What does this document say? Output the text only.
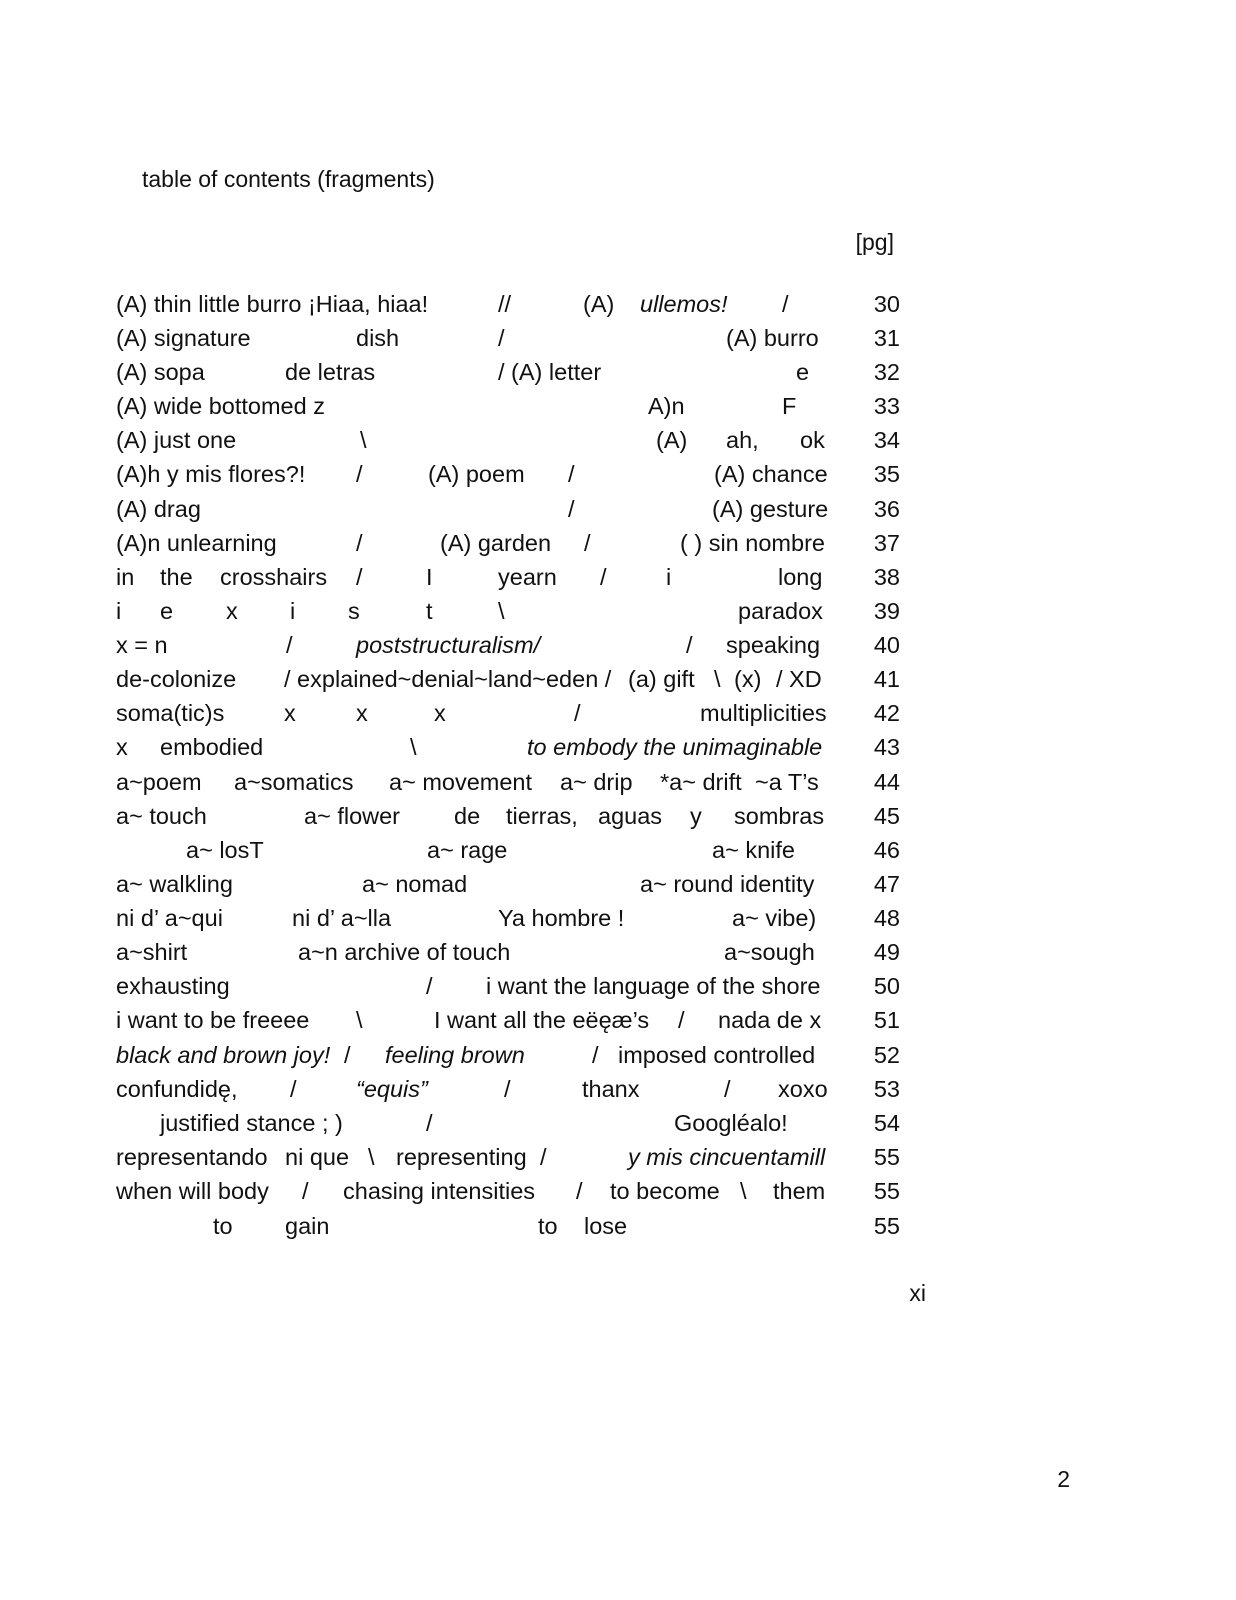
table of contents (fragments)
[pg]
(A) thin little burro ¡Hiaa, hiaa!	//	(A) ullemos! /	30
(A) signature	dish	/	(A) burro 31
(A) sopa	de letras	/ (A) letter	e	32
(A) wide bottomed z	A)n	F	33
(A) just one	\	(A) ah, ok 34
(A)h y mis flores?! /	(A) poem /	(A) chance 35
(A) drag	/	(A) gesture 36
(A)n unlearning	/	(A) garden /	( ) sin nombre 37
in the crosshairs /	I	yearn /	i	long 38
i e x i s	t	\	paradox 39
x = n	/	poststructuralism/	/ speaking 40
de-colonize / explained~denial~land~eden / (a) gift \ (x) / XD 41
soma(tic)s	x	x	x	/	multiplicities 42
x embodied	\	to embody the unimaginable 43
a~poem a~somatics a~ movement a~ drip *a~ drift ~a T’s 44
a~ touch	a~ flower de tierras, aguas y sombras 45
a~ losT	a~ rage	a~ knife	46
a~ walkling	a~ nomad	a~ round identity	47
ni d’ a~qui	ni d’ a~lla	Ya hombre !	a~ vibe) 48
a~shirt	a~n archive of touch	a~sough	49
exhausting	/ i want the language of the shore 50
i want to be freeee \	I want all the eëęæ’s / nada de x 51
black and brown joy! / feeling brown	/ imposed controlled 52
confundidę, /	“equis”	/	thanx	/ xoxo 53
justified stance ; )	/	Googléalo!	54
representando ni que \ representing /	y mis cincuentamill 55
when will body / chasing intensities / to become \ them 55
to gain	to lose	55
xi
2
